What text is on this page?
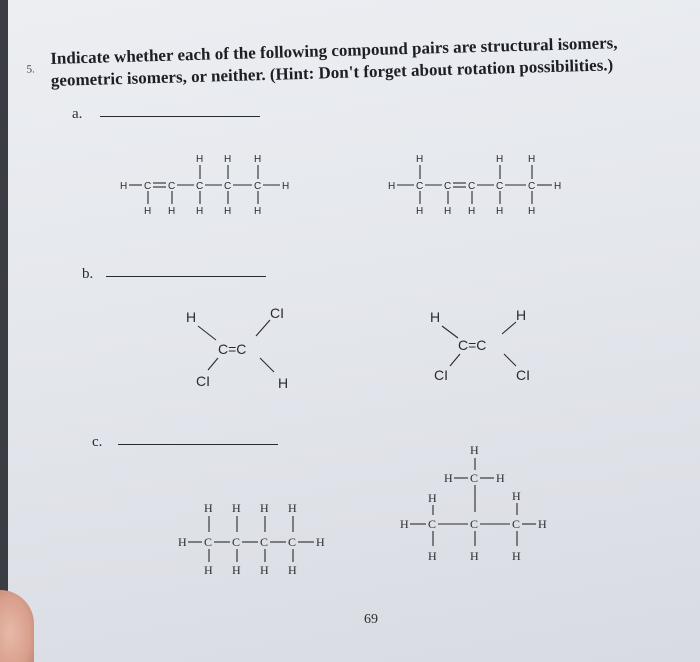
5.
Indicate whether each of the following compound pairs are structural isomers, geometric isomers, or neither. (Hint: Don't forget about rotation possibilities.)
a.
H C C C C C H
H H H H H
H H H
H C C C C C H
H	H H
H H H H H
b.
H
C=C
CI
CI	H
H
C=C
H
CI	CI
c.
H C C C C H
H H H H
H H H H
H
H C H
H C	C	C H
H	H
H	H	H
69
